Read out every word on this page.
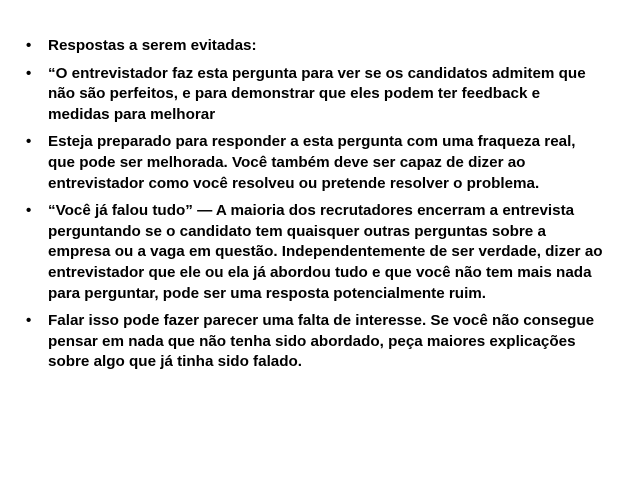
• Respostas a serem evitadas:
• “O entrevistador faz esta pergunta para ver se os candidatos admitem que
não são perfeitos, e para demonstrar que eles podem ter feedback e
medidas para melhorar
• Esteja preparado para responder a esta pergunta com uma fraqueza real,
que pode ser melhorada. Você também deve ser capaz de dizer ao
entrevistador como você resolveu ou pretende resolver o problema.
• “Você já falou tudo” — A maioria dos recrutadores encerram a entrevista
perguntando se o candidato tem quaisquer outras perguntas sobre a
empresa ou a vaga em questão. Independentemente de ser verdade, dizer ao
entrevistador que ele ou ela já abordou tudo e que você não tem mais nada
para perguntar, pode ser uma resposta potencialmente ruim.
• Falar isso pode fazer parecer uma falta de interesse. Se você não consegue
pensar em nada que não tenha sido abordado, peça maiores explicações
sobre algo que já tinha sido falado.
